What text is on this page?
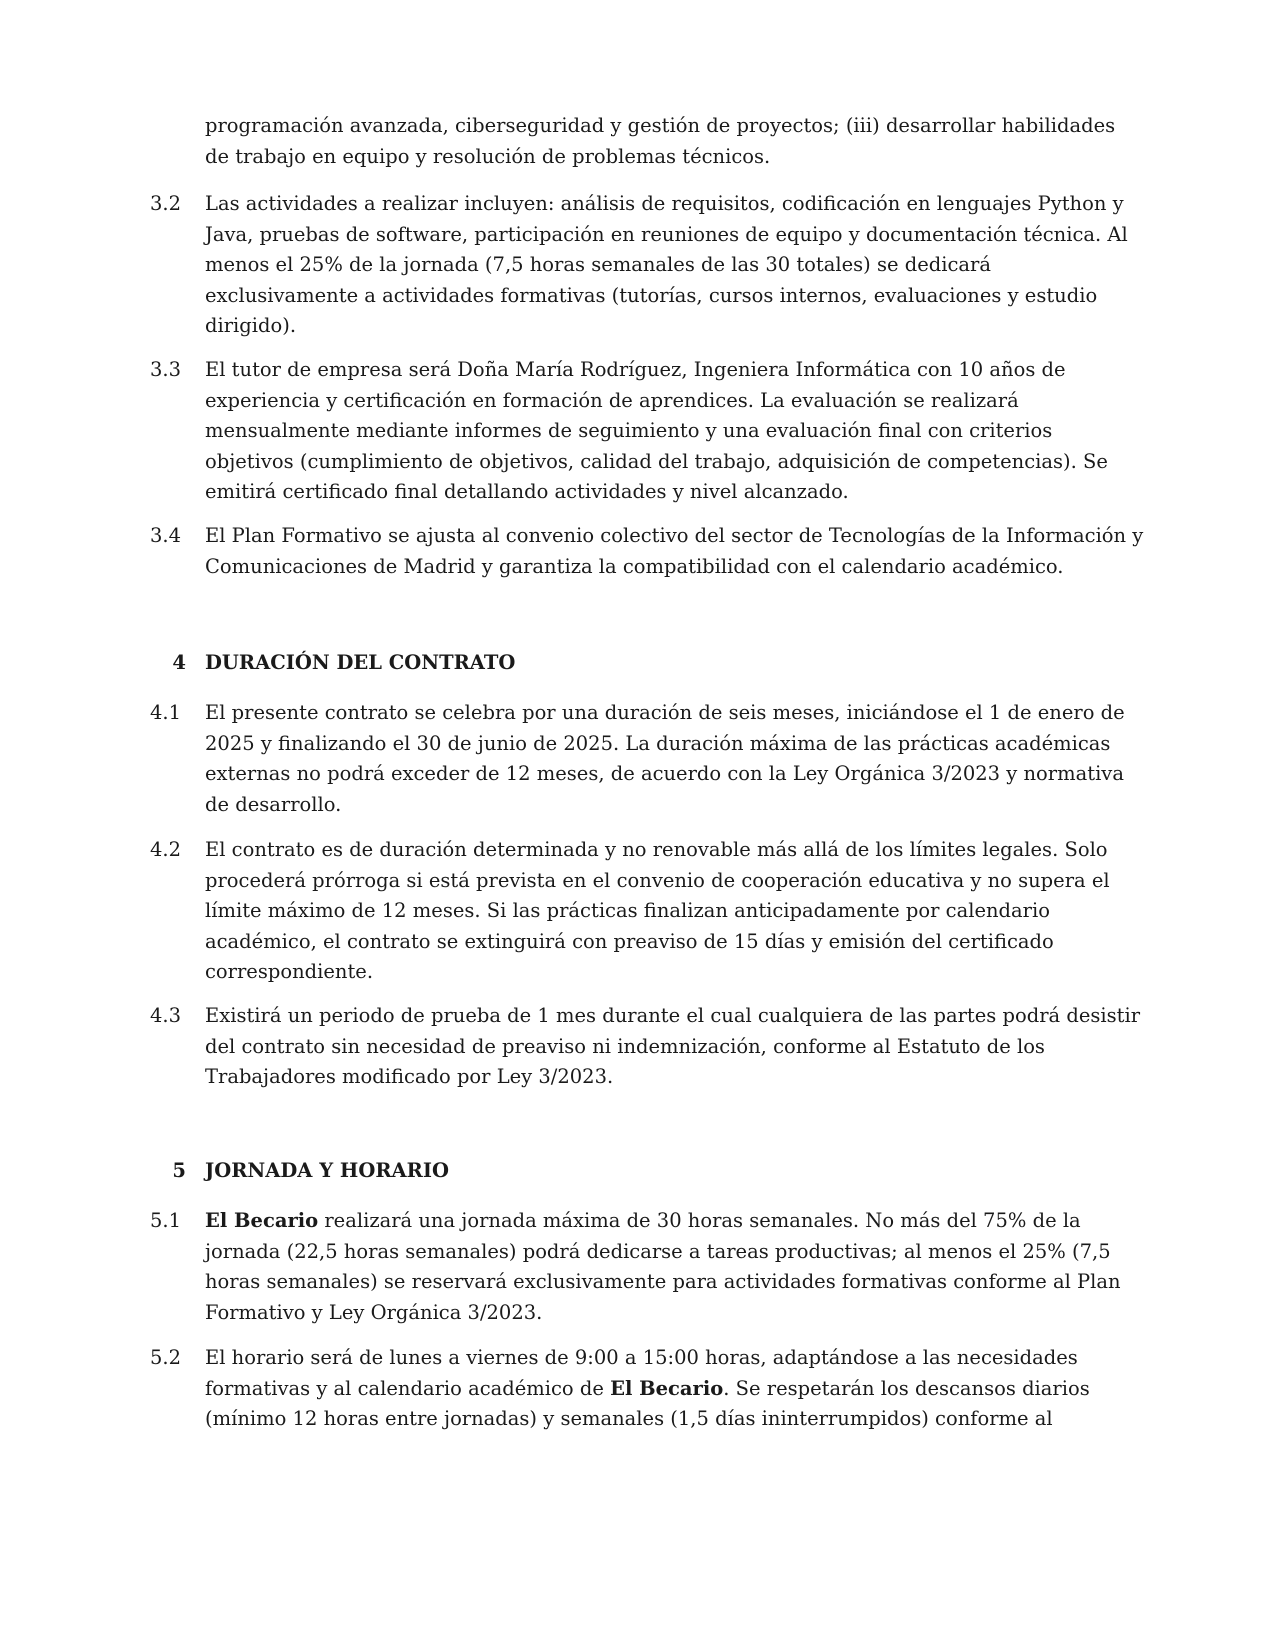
programación avanzada, ciberseguridad y gestión de proyectos; (iii) desarrollar habilidades

de trabajo en equipo y resolución de problemas técnicos.

3.2	Las actividades a realizar incluyen: análisis de requisitos, codificación en lenguajes Python y

Java, pruebas de software, participación en reuniones de equipo y documentación técnica. Al

menos el 25% de la jornada (7,5 horas semanales de las 30 totales) se dedicará

exclusivamente a actividades formativas (tutorías, cursos internos, evaluaciones y estudio

dirigido).

3.3	El tutor de empresa será Doña María Rodríguez, Ingeniera Informática con 10 años de

experiencia y certificación en formación de aprendices. La evaluación se realizará

mensualmente mediante informes de seguimiento y una evaluación final con criterios

objetivos (cumplimiento de objetivos, calidad del trabajo, adquisición de competencias). Se

emitirá certificado final detallando actividades y nivel alcanzado.

3.4	El Plan Formativo se ajusta al convenio colectivo del sector de Tecnologías de la Información y

Comunicaciones de Madrid y garantiza la compatibilidad con el calendario académico.

4 DURACIÓN DEL CONTRATO
4.1	El presente contrato se celebra por una duración de seis meses, iniciándose el 1 de enero de

2025 y finalizando el 30 de junio de 2025. La duración máxima de las prácticas académicas

externas no podrá exceder de 12 meses, de acuerdo con la Ley Orgánica 3/2023 y normativa

de desarrollo.

4.2	El contrato es de duración determinada y no renovable más allá de los límites legales. Solo

procederá prórroga si está prevista en el convenio de cooperación educativa y no supera el

límite máximo de 12 meses. Si las prácticas finalizan anticipadamente por calendario

académico, el contrato se extinguirá con preaviso de 15 días y emisión del certificado

correspondiente.

4.3	Existirá un periodo de prueba de 1 mes durante el cual cualquiera de las partes podrá desistir

del contrato sin necesidad de preaviso ni indemnización, conforme al Estatuto de los

Trabajadores modificado por Ley 3/2023.

5 JORNADA Y HORARIO
5.1	El Becario realizará una jornada máxima de 30 horas semanales. No más del 75% de la

jornada (22,5 horas semanales) podrá dedicarse a tareas productivas; al menos el 25% (7,5

horas semanales) se reservará exclusivamente para actividades formativas conforme al Plan

Formativo y Ley Orgánica 3/2023.

5.2	El horario será de lunes a viernes de 9:00 a 15:00 horas, adaptándose a las necesidades

formativas y al calendario académico de El Becario. Se respetarán los descansos diarios

(mínimo 12 horas entre jornadas) y semanales (1,5 días ininterrumpidos) conforme al
